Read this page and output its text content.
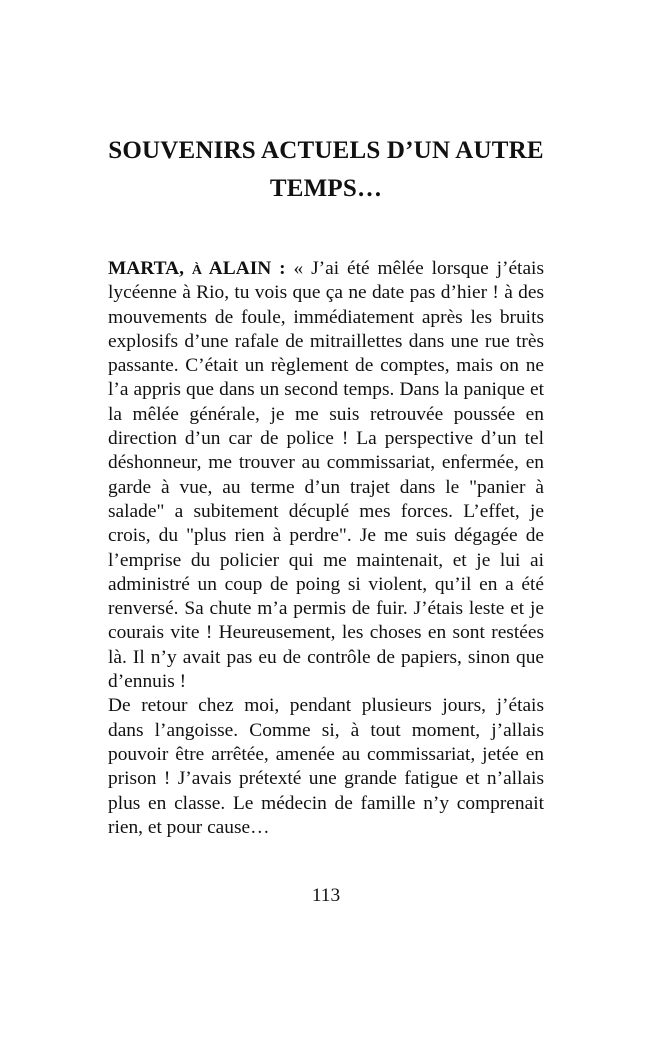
SOUVENIRS ACTUELS D’UN AUTRE
TEMPS…

MARTA, à ALAIN : « J’ai été mêlée lorsque j’étais lycéenne à Rio, tu vois que ça ne date pas d’hier ! à des mouvements de foule, immédiatement après les bruits explosifs d’une rafale de mitraillettes dans une rue très passante. C’était un règlement de comptes, mais on ne l’a appris que dans un second temps. Dans la panique et la mêlée générale, je me suis retrouvée poussée en direction d’un car de police ! La perspective d’un tel déshonneur, me trouver au commissariat, enfermée, en garde à vue, au terme d’un trajet dans le "panier à salade" a subitement décuplé mes forces. L’effet, je crois, du "plus rien à perdre". Je me suis dégagée de l’emprise du policier qui me maintenait, et je lui ai administré un coup de poing si violent, qu’il en a été renversé. Sa chute m’a permis de fuir. J’étais leste et je courais vite ! Heureusement, les choses en sont restées là. Il n’y avait pas eu de contrôle de papiers, sinon que d’ennuis !

De retour chez moi, pendant plusieurs jours, j’étais dans l’angoisse. Comme si, à tout moment, j’allais pouvoir être arrêtée, amenée au commissariat, jetée en prison ! J’avais prétexté une grande fatigue et n’allais plus en classe. Le médecin de famille n’y comprenait rien, et pour cause…

113
